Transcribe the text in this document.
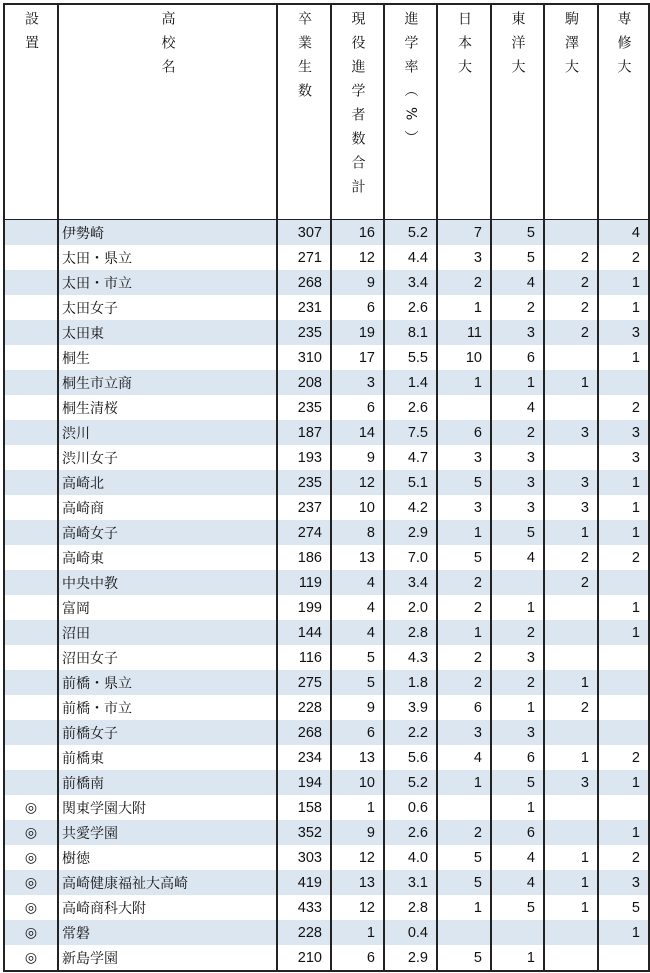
設置	高校名	卒業生数	現役進学者数合計	進学率（%）	日本大	東洋大	駒澤大	専修大
	伊勢崎	307	16	5.2	7	5		4
	太田・県立	271	12	4.4	3	5	2	2
	太田・市立	268	9	3.4	2	4	2	1
	太田女子	231	6	2.6	1	2	2	1
	太田東	235	19	8.1	11	3	2	3
	桐生	310	17	5.5	10	6		1
	桐生市立商	208	3	1.4	1	1	1	
	桐生清桜	235	6	2.6		4		2
	渋川	187	14	7.5	6	2	3	3
	渋川女子	193	9	4.7	3	3		3
	高崎北	235	12	5.1	5	3	3	1
	高崎商	237	10	4.2	3	3	3	1
	高崎女子	274	8	2.9	1	5	1	1
	高崎東	186	13	7.0	5	4	2	2
	中央中教	119	4	3.4	2		2	
	富岡	199	4	2.0	2	1		1
	沼田	144	4	2.8	1	2		1
	沼田女子	116	5	4.3	2	3		
	前橋・県立	275	5	1.8	2	2	1	
	前橋・市立	228	9	3.9	6	1	2	
	前橋女子	268	6	2.2	3	3		
	前橋東	234	13	5.6	4	6	1	2
	前橋南	194	10	5.2	1	5	3	1
◎	関東学園大附	158	1	0.6		1		
◎	共愛学園	352	9	2.6	2	6		1
◎	樹徳	303	12	4.0	5	4	1	2
◎	高崎健康福祉大高崎	419	13	3.1	5	4	1	3
◎	高崎商科大附	433	12	2.8	1	5	1	5
◎	常磐	228	1	0.4				1
◎	新島学園	210	6	2.9	5	1		
